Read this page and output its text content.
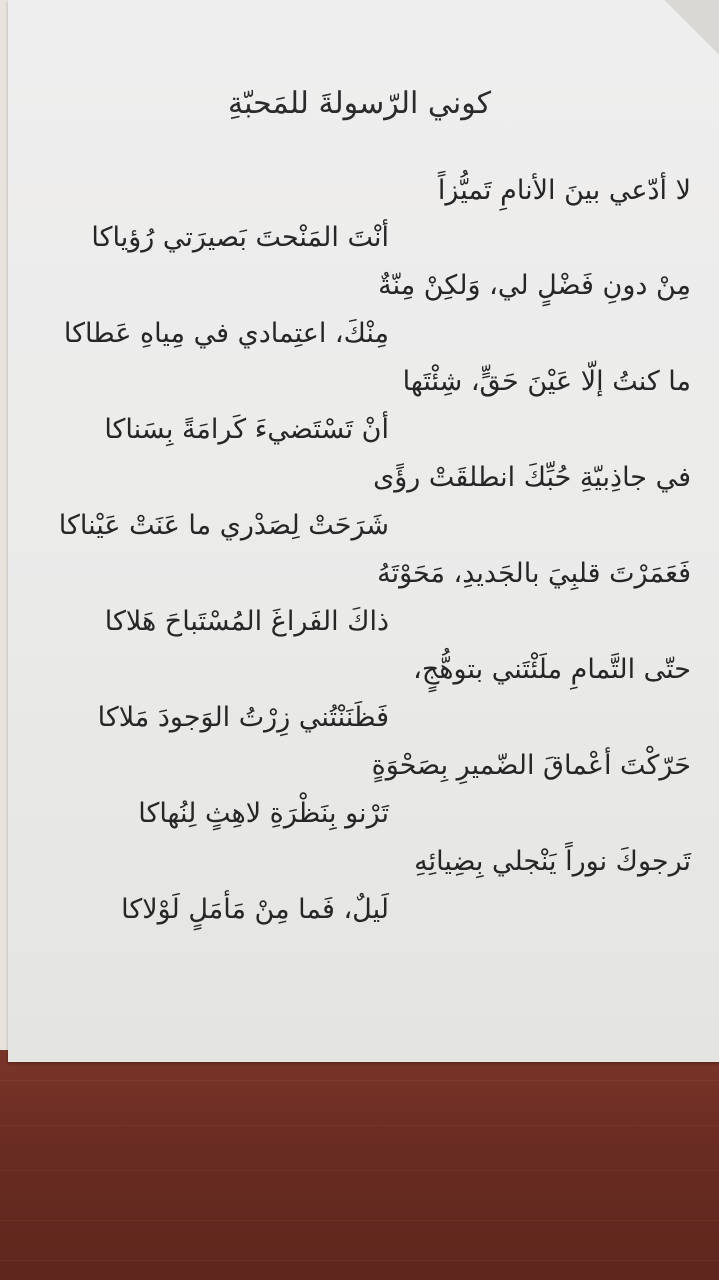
كوني الرّسولةَ للمَحبّةِ
لا أدّعي بينَ الأنامِ تَميُّزاً
أنْتَ المَنْحتَ بَصيرَتي رُؤياكا
مِنْ دونِ فَضْلٍ لي، وَلكِنْ مِنّةٌ
مِنْكَ، اعتِمادي في مِياهِ عَطاكا
ما كنتُ إلّا عَيْنَ حَقٍّ، شِئْتَها
أنْ تَسْتَضيءَ كَرامَةً بِسَناكا
في جاذِبيّةِ حُبِّكَ انطلقَتْ رؤًى
شَرَحَتْ لِصَدْري ما عَنَتْ عَيْناكا
فَعَمَرْتَ قلبِيَ بالجَديدِ، مَحَوْتَهُ
ذاكَ الفَراغَ المُسْتَباحَ هَلاكا
حتّى التَّمامِ ملَئْتَني بتوهُّجٍ،
فَظَنَنْتُني زِرْتُ الوَجودَ مَلاكا
حَرّكْتَ أعْماقَ الضّميرِ بِصَحْوَةٍ
تَرْنو بِنَظْرَةِ لاهِثٍ لِنُهاكا
تَرجوكَ نوراً يَنْجلي بِضِيائِهِ
لَيلٌ، فَما مِنْ مَأمَلٍ لَوْلاكا
